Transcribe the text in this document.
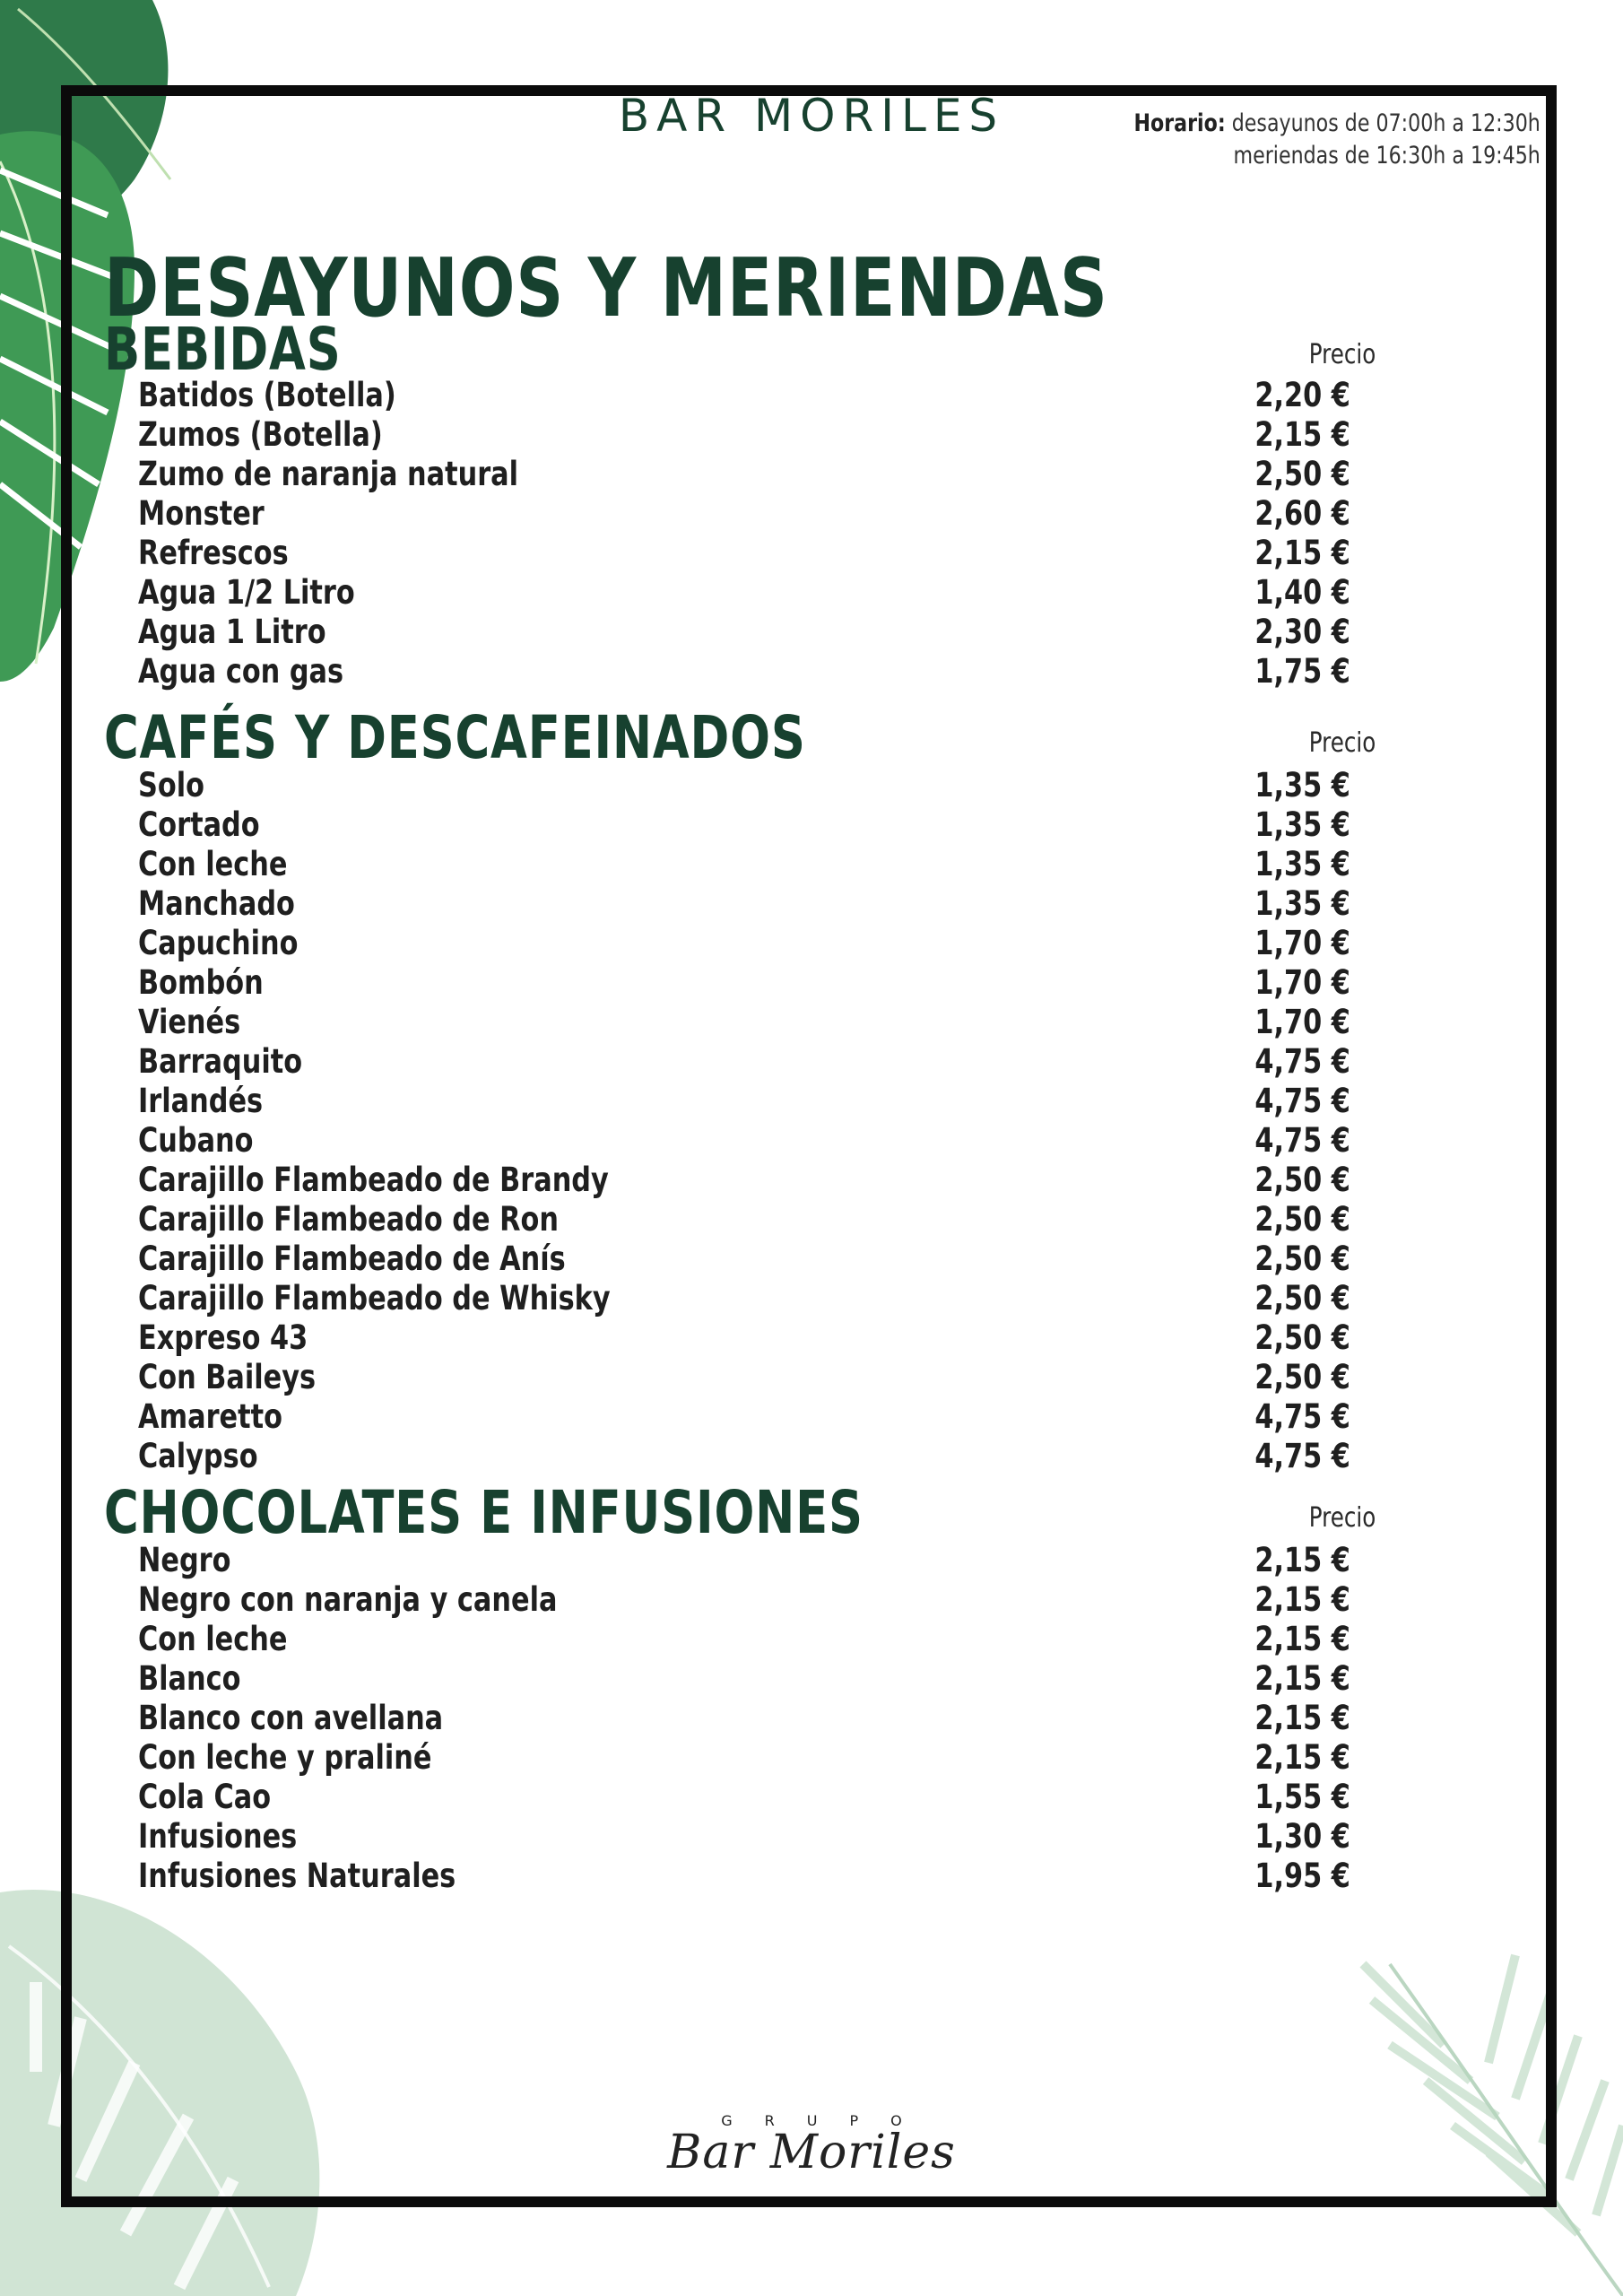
BAR MORILES	Horario: desayunos de 07:00h a 12:30h
meriendas de 16:30h a 19:45h
DESAYUNOS Y MERIENDAS
BEBIDAS	Precio
Batidos (Botella)	2,20 €
Zumos (Botella)	2,15 €
Zumo de naranja natural	2,50 €
Monster	2,60 €
Refrescos	2,15 €
Agua 1/2 Litro	1,40 €
Agua 1 Litro	2,30 €
Agua con gas	1,75 €
CAFÉS Y DESCAFEINADOS	Precio
Solo	1,35 €
Cortado	1,35 €
Con leche	1,35 €
Manchado	1,35 €
Capuchino	1,70 €
Bombón	1,70 €
Vienés	1,70 €
Barraquito	4,75 €
Irlandés	4,75 €
Cubano	4,75 €
Carajillo Flambeado de Brandy	2,50 €
Carajillo Flambeado de Ron	2,50 €
Carajillo Flambeado de Anís	2,50 €
Carajillo Flambeado de Whisky	2,50 €
Expreso 43	2,50 €
Con Baileys	2,50 €
Amaretto	4,75 €
Calypso	4,75 €
CHOCOLATES E INFUSIONES	Precio
Negro	2,15 €
Negro con naranja y canela	2,15 €
Con leche	2,15 €
Blanco	2,15 €
Blanco con avellana	2,15 €
Con leche y praliné	2,15 €
Cola Cao	1,55 €
Infusiones	1,30 €
Infusiones Naturales	1,95 €
GRUPO
Bar Moriles
